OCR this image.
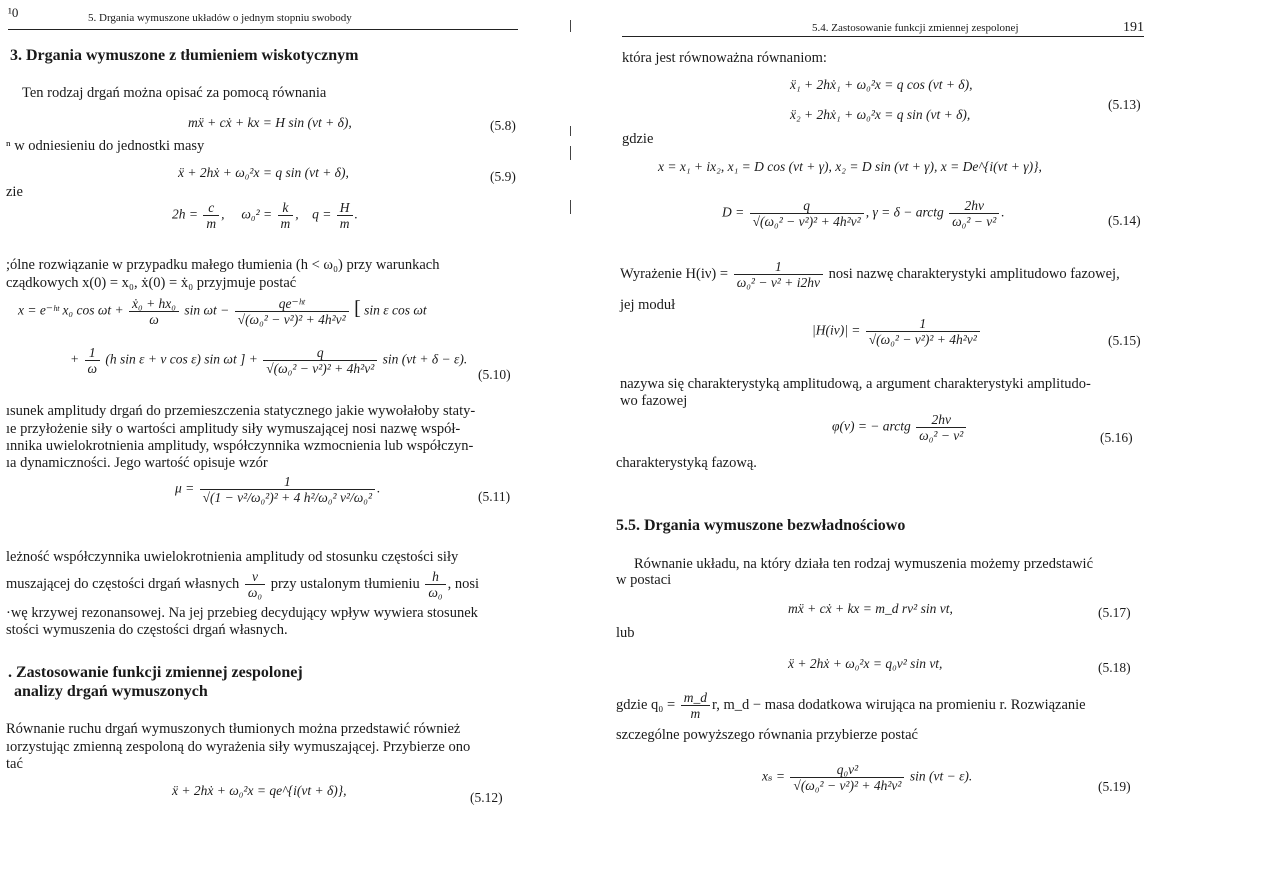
¹0	5. Drgania wymuszone układów o jednym stopniu swobody
3. Drgania wymuszone z tłumieniem wiskotycznym
Ten rodzaj drgań można opisać za pomocą równania
mẍ + cẋ + kx = H sin (νt + δ),	(5.8)
ⁿ w odniesieniu do jednostki masy
ẍ + 2hẋ + ω₀²x = q sin (νt + δ),	(5.9)
zie
$2h = \frac{c}{m}$ ,     $\omega_0^2 = \frac{k}{m}$ ,    $q = \frac{H}{m}$ .
;ólne rozwiązanie w przypadku małego tłumienia (h < ω₀) przy warunkach
cządkowych x(0) = x₀, ẋ(0) = ẋ₀ przyjmuje postać
x = e⁻ʰᵗ x₀ $\cos \omega t + \frac{\text{ẋ₀ + hx₀}}{\omega}$ $\sin \omega t - \frac{\text{qe⁻ʰᵗ}}{\text{√(ω₀² − ν²)² + 4h²ν²}}$ [ sin ε cos ωt
+ $\frac{1}{\omega} (h$ sin ε + ν cos ε) sin ωt ] + $\frac{q}{\text{√(ω₀² − ν²)² + 4h²ν²}}$ sin (νt + δ − ε).
(5.10)
ısunek amplitudy drgań do przemieszczenia statycznego jakie wywołałoby staty-
ıe przyłożenie siły o wartości amplitudy siły wymuszającej nosi nazwę współ-
ınnika uwielokrotnienia amplitudy, współczynnika wzmocnienia lub współczyn-
ıa dynamiczności. Jego wartość opisuje wzór
$\mu = \frac{1}{\text{√(1 − ν²/ω₀²)² + 4 h²/ω₀² ν²/ω₀²}}$ .
(5.11)
leżność współczynnika uwielokrotnienia amplitudy od stosunku częstości siły
muszającej do częstości drgań własnych $\frac{\nu}{\text{ω₀}}$ przy ustalonym tłumieniu $\frac{h}{\text{ω₀}}$ , nosi
·wę krzywej rezonansowej. Na jej przebieg decydujący wpływ wywiera stosunek
stości wymuszenia do częstości drgań własnych.
. Zastosowanie funkcji zmiennej zespolonej
analizy drgań wymuszonych
Równanie ruchu drgań wymuszonych tłumionych można przedstawić również
ıorzystując zmienną zespoloną do wyrażenia siły wymuszającej. Przybierze ono
tać
ẍ + 2hẋ + ω₀²x = qe^{i(νt + δ)},	(5.12)
5.4. Zastosowanie funkcji zmiennej zespolonej	191
która jest równoważna równaniom:
ẍ₁ + 2hẋ₁ + ω₀²x = q cos (νt + δ),
ẍ₂ + 2hẋ₁ + ω₀²x = q sin (νt + δ),
(5.13)
gdzie
x = x₁ + ix₂, x₁ = D cos (νt + γ), x₂ = D sin (νt + γ), x = De^{i(νt + γ)},
$D = \frac{q}{\text{√(ω₀² − ν²)² + 4h²ν²}}$ , γ = δ − arctg $\frac{2h\nu}{\text{ω₀² − ν²}}$ .
(5.14)
Wyrażenie $H(i\nu) = \frac{1}{\text{ω₀² − ν² + i2hν}}$ nosi nazwę charakterystyki amplitudowo fazowej,
jej moduł
$|H(i\nu)| = \frac{1}{\text{√(ω₀² − ν²)² + 4h²ν²}}$	(5.15)
nazywa się charakterystyką amplitudową, a argument charakterystyki amplitudo-
wo fazowej
φ(ν) = − arctg $\frac{2h\nu}{\text{ω₀² − ν²}}$	(5.16)
charakterystyką fazową.
5.5. Drgania wymuszone bezwładnościowo
Równanie układu, na który działa ten rodzaj wymuszenia możemy przedstawić
w postaci
mẍ + cẋ + kx = m_d rν² sin νt,	(5.17)
lub
ẍ + 2hẋ + ω₀²x = q₀ν² sin νt,	(5.18)
gdzie $q_0 = \frac{m\_d}{m} r$, m_d − masa dodatkowa wirująca na promieniu r. Rozwiązanie
szczególne powyższego równania przybierze postać
$x_s = \frac{\text{q₀ν²}}{\text{√(ω₀² − ν²)² + 4h²ν²}}$ sin (νt − ε).
(5.19)
